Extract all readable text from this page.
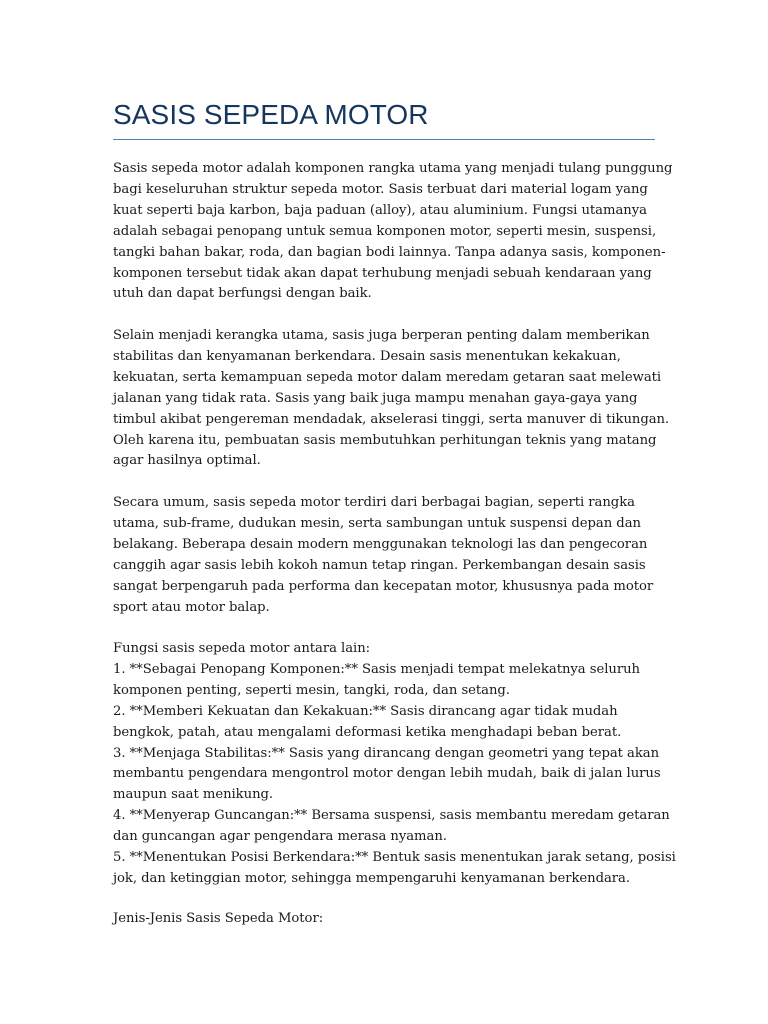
SASIS SEPEDA MOTOR

Sasis sepeda motor adalah komponen rangka utama yang menjadi tulang punggung
bagi keseluruhan struktur sepeda motor. Sasis terbuat dari material logam yang
kuat seperti baja karbon, baja paduan (alloy), atau aluminium. Fungsi utamanya
adalah sebagai penopang untuk semua komponen motor, seperti mesin, suspensi,
tangki bahan bakar, roda, dan bagian bodi lainnya. Tanpa adanya sasis, komponen-
komponen tersebut tidak akan dapat terhubung menjadi sebuah kendaraan yang
utuh dan dapat berfungsi dengan baik.

Selain menjadi kerangka utama, sasis juga berperan penting dalam memberikan
stabilitas dan kenyamanan berkendara. Desain sasis menentukan kekakuan,
kekuatan, serta kemampuan sepeda motor dalam meredam getaran saat melewati
jalanan yang tidak rata. Sasis yang baik juga mampu menahan gaya-gaya yang
timbul akibat pengereman mendadak, akselerasi tinggi, serta manuver di tikungan.
Oleh karena itu, pembuatan sasis membutuhkan perhitungan teknis yang matang
agar hasilnya optimal.

Secara umum, sasis sepeda motor terdiri dari berbagai bagian, seperti rangka
utama, sub-frame, dudukan mesin, serta sambungan untuk suspensi depan dan
belakang. Beberapa desain modern menggunakan teknologi las dan pengecoran
canggih agar sasis lebih kokoh namun tetap ringan. Perkembangan desain sasis
sangat berpengaruh pada performa dan kecepatan motor, khususnya pada motor
sport atau motor balap.

Fungsi sasis sepeda motor antara lain:
1. **Sebagai Penopang Komponen:** Sasis menjadi tempat melekatnya seluruh
komponen penting, seperti mesin, tangki, roda, dan setang.
2. **Memberi Kekuatan dan Kekakuan:** Sasis dirancang agar tidak mudah
bengkok, patah, atau mengalami deformasi ketika menghadapi beban berat.
3. **Menjaga Stabilitas:** Sasis yang dirancang dengan geometri yang tepat akan
membantu pengendara mengontrol motor dengan lebih mudah, baik di jalan lurus
maupun saat menikung.
4. **Menyerap Guncangan:** Bersama suspensi, sasis membantu meredam getaran
dan guncangan agar pengendara merasa nyaman.
5. **Menentukan Posisi Berkendara:** Bentuk sasis menentukan jarak setang, posisi
jok, dan ketinggian motor, sehingga mempengaruhi kenyamanan berkendara.

Jenis-Jenis Sasis Sepeda Motor:
